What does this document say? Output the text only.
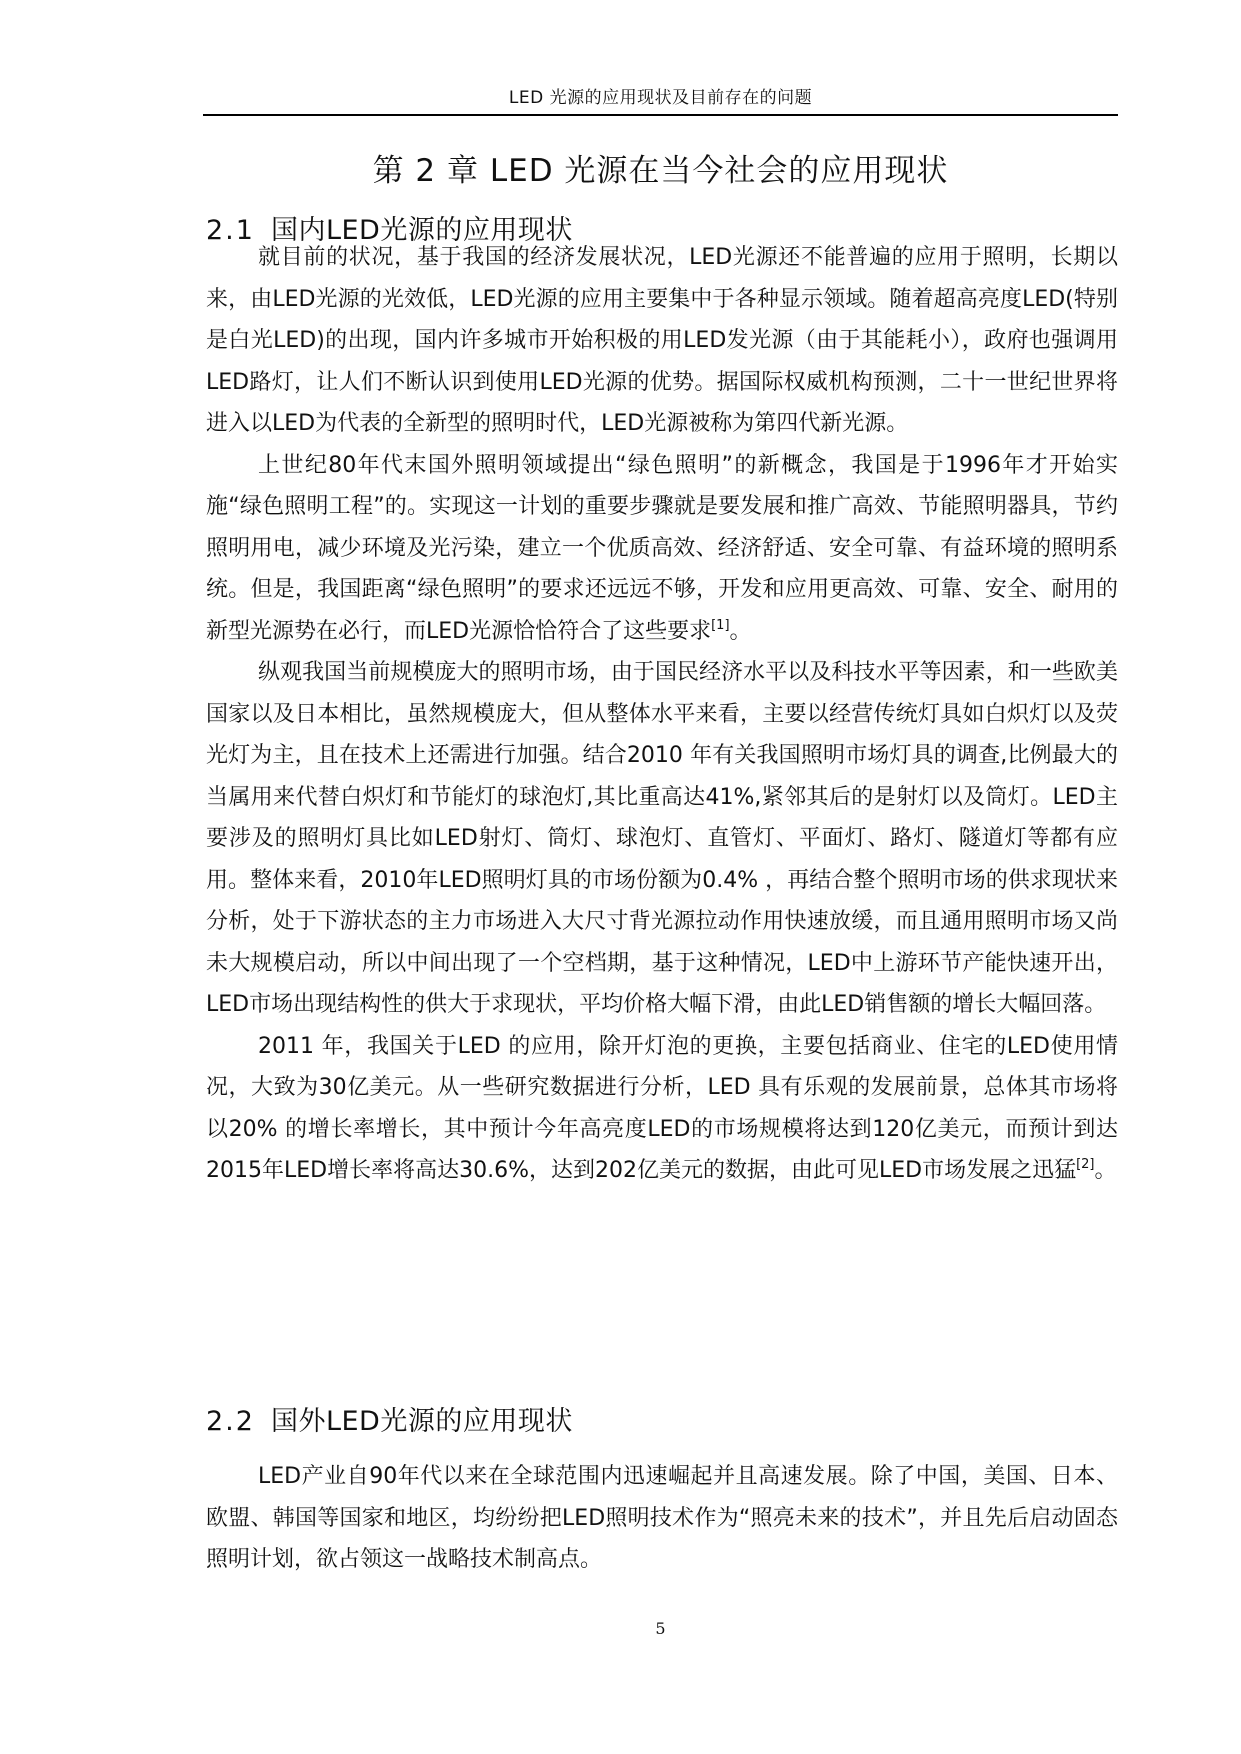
LED 光源的应用现状及目前存在的问题
第 2 章 LED 光源在当今社会的应用现状
2.1 国内LED光源的应用现状

就目前的状况，基于我国的经济发展状况，LED光源还不能普遍的应用于照明，长期以来，由LED光源的光效低，LED光源的应用主要集中于各种显示领域。随着超高亮度LED(特别是白光LED)的出现，国内许多城市开始积极的用LED发光源（由于其能耗小），政府也强调用LED路灯，让人们不断认识到使用LED光源的优势。据国际权威机构预测，二十一世纪世界将进入以LED为代表的全新型的照明时代，LED光源被称为第四代新光源。

上世纪80年代末国外照明领域提出“绿色照明”的新概念，我国是于1996年才开始实施“绿色照明工程”的。实现这一计划的重要步骤就是要发展和推广高效、节能照明器具，节约照明用电，减少环境及光污染，建立一个优质高效、经济舒适、安全可靠、有益环境的照明系统。但是，我国距离“绿色照明”的要求还远远不够，开发和应用更高效、可靠、安全、耐用的新型光源势在必行，而LED光源恰恰符合了这些要求[1]。

纵观我国当前规模庞大的照明市场，由于国民经济水平以及科技水平等因素，和一些欧美国家以及日本相比，虽然规模庞大，但从整体水平来看，主要以经营传统灯具如白炽灯以及荧光灯为主，且在技术上还需进行加强。结合2010 年有关我国照明市场灯具的调查,比例最大的当属用来代替白炽灯和节能灯的球泡灯,其比重高达41%,紧邻其后的是射灯以及筒灯。LED主要涉及的照明灯具比如LED射灯、筒灯、球泡灯、直管灯、平面灯、路灯、隧道灯等都有应用。整体来看，2010年LED照明灯具的市场份额为0.4% ，再结合整个照明市场的供求现状来分析，处于下游状态的主力市场进入大尺寸背光源拉动作用快速放缓，而且通用照明市场又尚未大规模启动，所以中间出现了一个空档期，基于这种情况，LED中上游环节产能快速开出，LED市场出现结构性的供大于求现状，平均价格大幅下滑，由此LED销售额的增长大幅回落。

2011 年，我国关于LED 的应用，除开灯泡的更换，主要包括商业、住宅的LED使用情况，大致为30亿美元。从一些研究数据进行分析，LED 具有乐观的发展前景，总体其市场将以20% 的增长率增长，其中预计今年高亮度LED的市场规模将达到120亿美元，而预计到达2015年LED增长率将高达30.6%，达到202亿美元的数据，由此可见LED市场发展之迅猛[2]。

2.2 国外LED光源的应用现状

LED产业自90年代以来在全球范围内迅速崛起并且高速发展。除了中国，美国、日本、欧盟、韩国等国家和地区，均纷纷把LED照明技术作为“照亮未来的技术”，并且先后启动固态照明计划，欲占领这一战略技术制高点。

5
